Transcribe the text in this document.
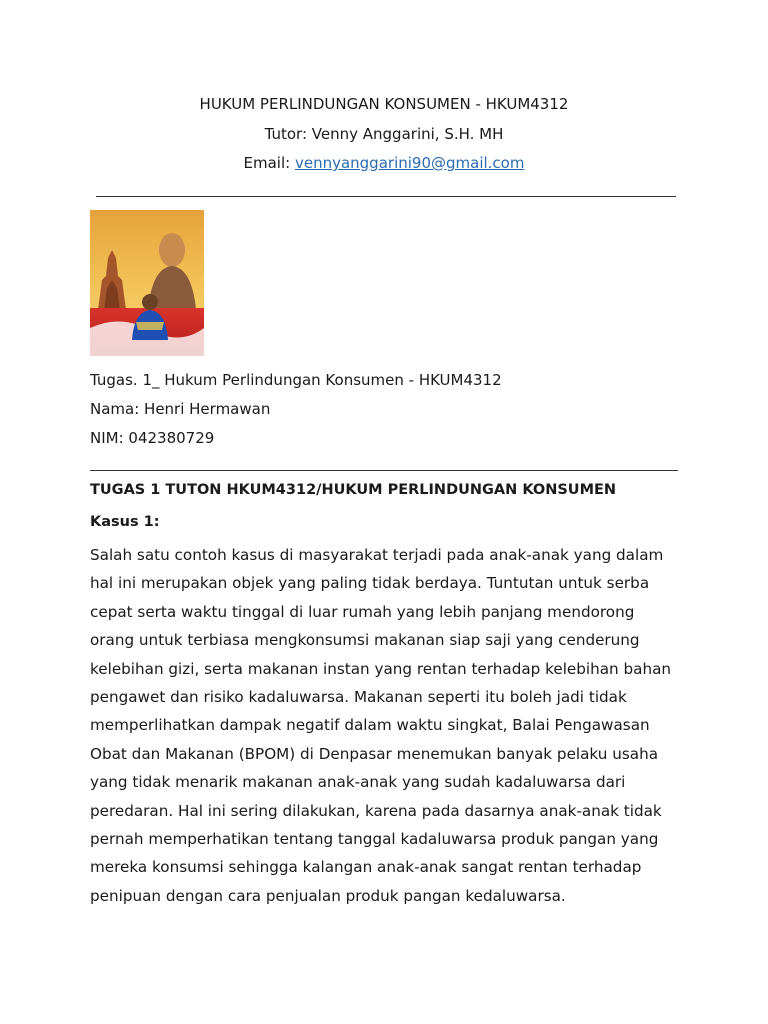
HUKUM PERLINDUNGAN KONSUMEN - HKUM4312
Tutor: Venny Anggarini, S.H. MH
Email: vennyanggarini90@gmail.com
Tugas. 1_ Hukum Perlindungan Konsumen - HKUM4312
Nama: Henri Hermawan
NIM: 042380729
TUGAS 1 TUTON HKUM4312/HUKUM PERLINDUNGAN KONSUMEN
Kasus 1:
Salah satu contoh kasus di masyarakat terjadi pada anak-anak yang dalam
hal ini merupakan objek yang paling tidak berdaya. Tuntutan untuk serba
cepat serta waktu tinggal di luar rumah yang lebih panjang mendorong
orang untuk terbiasa mengkonsumsi makanan siap saji yang cenderung
kelebihan gizi, serta makanan instan yang rentan terhadap kelebihan bahan
pengawet dan risiko kadaluwarsa. Makanan seperti itu boleh jadi tidak
memperlihatkan dampak negatif dalam waktu singkat, Balai Pengawasan
Obat dan Makanan (BPOM) di Denpasar menemukan banyak pelaku usaha
yang tidak menarik makanan anak-anak yang sudah kadaluwarsa dari
peredaran. Hal ini sering dilakukan, karena pada dasarnya anak-anak tidak
pernah memperhatikan tentang tanggal kadaluwarsa produk pangan yang
mereka konsumsi sehingga kalangan anak-anak sangat rentan terhadap
penipuan dengan cara penjualan produk pangan kedaluwarsa.
